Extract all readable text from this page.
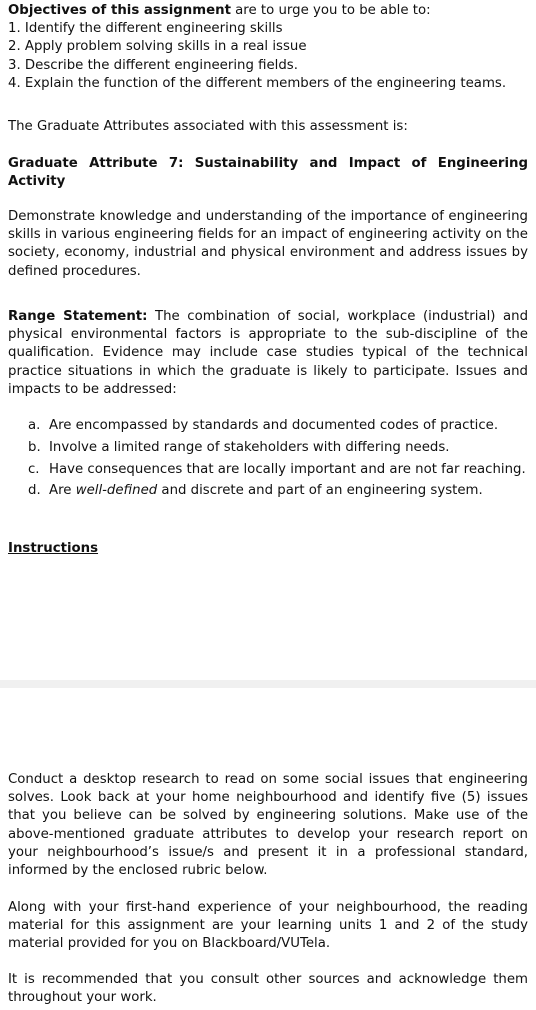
Objectives of this assignment are to urge you to be able to:

1. Identify the different engineering skills
2. Apply problem solving skills in a real issue
3. Describe the different engineering fields.
4. Explain the function of the different members of the engineering teams.

The Graduate Attributes associated with this assessment is:

Graduate Attribute 7: Sustainability and Impact of Engineering Activity

Demonstrate knowledge and understanding of the importance of engineering skills in various engineering fields for an impact of engineering activity on the society, economy, industrial and physical environment and address issues by defined procedures.

Range Statement: The combination of social, workplace (industrial) and physical environmental factors is appropriate to the sub-discipline of the qualification. Evidence may include case studies typical of the technical practice situations in which the graduate is likely to participate. Issues and impacts to be addressed:

a. Are encompassed by standards and documented codes of practice.
b. Involve a limited range of stakeholders with differing needs.
c. Have consequences that are locally important and are not far reaching.
d. Are well-defined and discrete and part of an engineering system.

Instructions

Conduct a desktop research to read on some social issues that engineering solves. Look back at your home neighbourhood and identify five (5) issues that you believe can be solved by engineering solutions. Make use of the above-mentioned graduate attributes to develop your research report on your neighbourhood’s issue/s and present it in a professional standard, informed by the enclosed rubric below.

Along with your first-hand experience of your neighbourhood, the reading material for this assignment are your learning units 1 and 2 of the study material provided for you on Blackboard/VUTela.

It is recommended that you consult other sources and acknowledge them throughout your work.
